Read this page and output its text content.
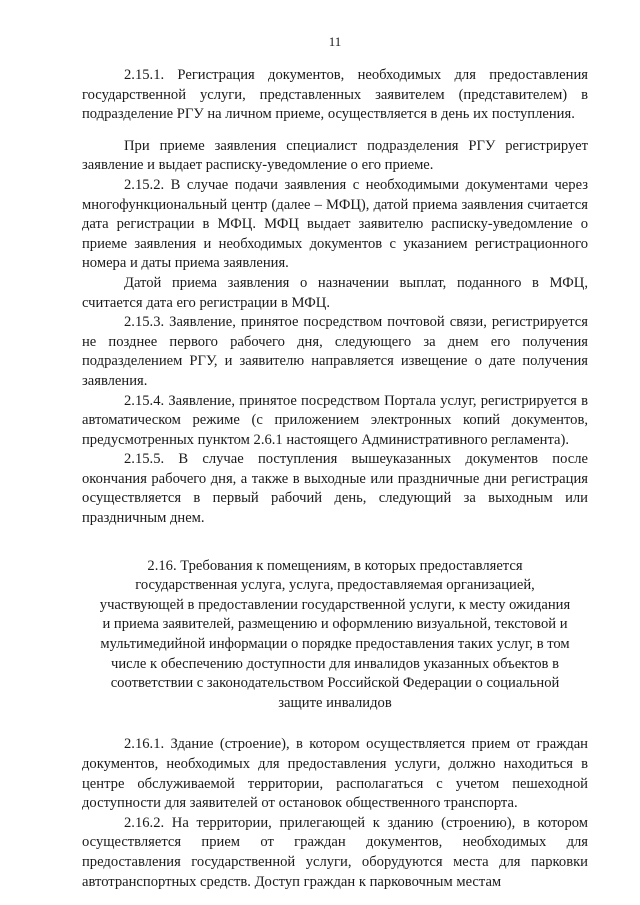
11

2.15.1. Регистрация документов, необходимых для предоставления государственной услуги, представленных заявителем (представителем) в подразделение РГУ на личном приеме, осуществляется в день их поступления.

При приеме заявления специалист подразделения РГУ регистрирует заявление и выдает расписку-уведомление о его приеме.

2.15.2. В случае подачи заявления с необходимыми документами через многофункциональный центр (далее – МФЦ), датой приема заявления считается дата регистрации в МФЦ. МФЦ выдает заявителю расписку-уведомление о приеме заявления и необходимых документов с указанием регистрационного номера и даты приема заявления.

Датой приема заявления о назначении выплат, поданного в МФЦ, считается дата его регистрации в МФЦ.

2.15.3. Заявление, принятое посредством почтовой связи, регистрируется не позднее первого рабочего дня, следующего за днем его получения подразделением РГУ, и заявителю направляется извещение о дате получения заявления.

2.15.4. Заявление, принятое посредством Портала услуг, регистрируется в автоматическом режиме (с приложением электронных копий документов, предусмотренных пунктом 2.6.1 настоящего Административного регламента).

2.15.5. В случае поступления вышеуказанных документов после окончания рабочего дня, а также в выходные или праздничные дни регистрация осуществляется в первый рабочий день, следующий за выходным или праздничным днем.

2.16. Требования к помещениям, в которых предоставляется государственная услуга, услуга, предоставляемая организацией, участвующей в предоставлении государственной услуги, к месту ожидания и приема заявителей, размещению и оформлению визуальной, текстовой и мультимедийной информации о порядке предоставления таких услуг, в том числе к обеспечению доступности для инвалидов указанных объектов в соответствии с законодательством Российской Федерации о социальной защите инвалидов

2.16.1. Здание (строение), в котором осуществляется прием от граждан документов, необходимых для предоставления услуги, должно находиться в центре обслуживаемой территории, располагаться с учетом пешеходной доступности для заявителей от остановок общественного транспорта.

2.16.2. На территории, прилегающей к зданию (строению), в котором осуществляется прием от граждан документов, необходимых для предоставления государственной услуги, оборудуются места для парковки автотранспортных средств. Доступ граждан к парковочным местам
